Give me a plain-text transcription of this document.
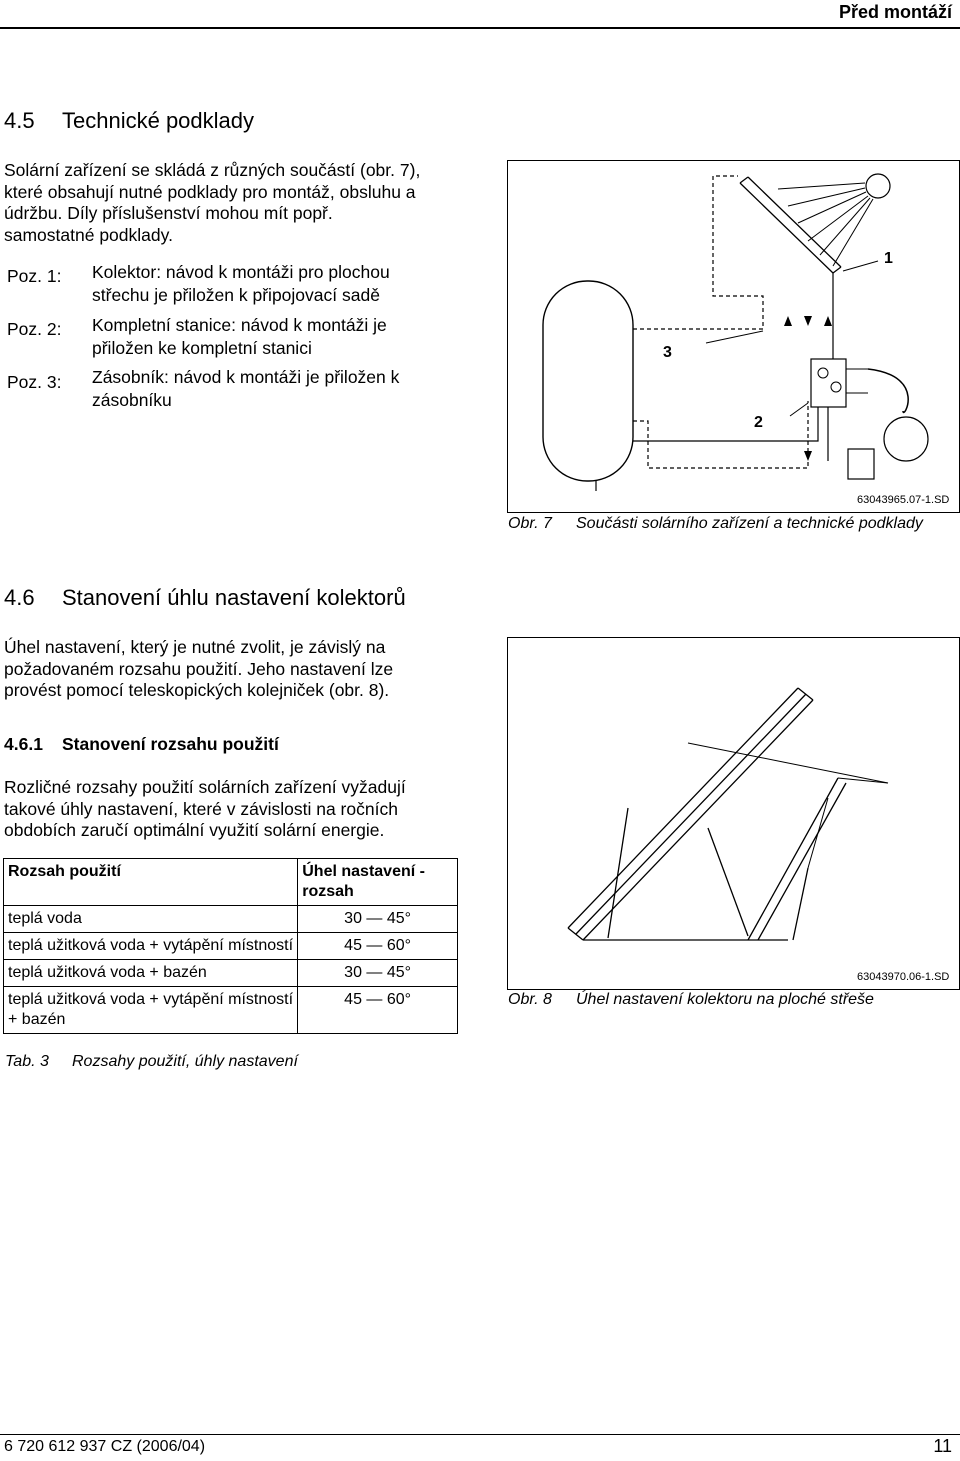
Před montáží
4.5 Technické podklady
Solární zařízení se skládá z různých součástí (obr. 7), které obsahují nutné podklady pro montáž, obsluhu a údržbu. Díly příslušenství mohou mít popř. samostatné podklady.
Poz. 1: Kolektor: návod k montáži pro plochou střechu je přiložen k připojovací sadě
Poz. 2: Kompletní stanice: návod k montáži je přiložen ke kompletní stanici
Poz. 3: Zásobník: návod k montáži je přiložen k zásobníku
1
2
3
63043965.07-1.SD
Obr. 7 Součásti solárního zařízení a technické podklady
4.6 Stanovení úhlu nastavení kolektorů
Úhel nastavení, který je nutné zvolit, je závislý na požadovaném rozsahu použití. Jeho nastavení lze provést pomocí teleskopických kolejniček (obr. 8).
4.6.1 Stanovení rozsahu použití
Rozličné rozsahy použití solárních zařízení vyžadují takové úhly nastavení, které v závislosti na ročních obdobích zaručí optimální využití solární energie.
Rozsah použití	Úhel nastavení - rozsah
teplá voda	30 — 45°
teplá užitková voda + vytápění místností	45 — 60°
teplá užitková voda + bazén	30 — 45°
teplá užitková voda + vytápění místností + bazén	45 — 60°
Tab. 3 Rozsahy použití, úhly nastavení
63043970.06-1.SD
Obr. 8 Úhel nastavení kolektoru na ploché střeše
6 720 612 937 CZ (2006/04)	11
